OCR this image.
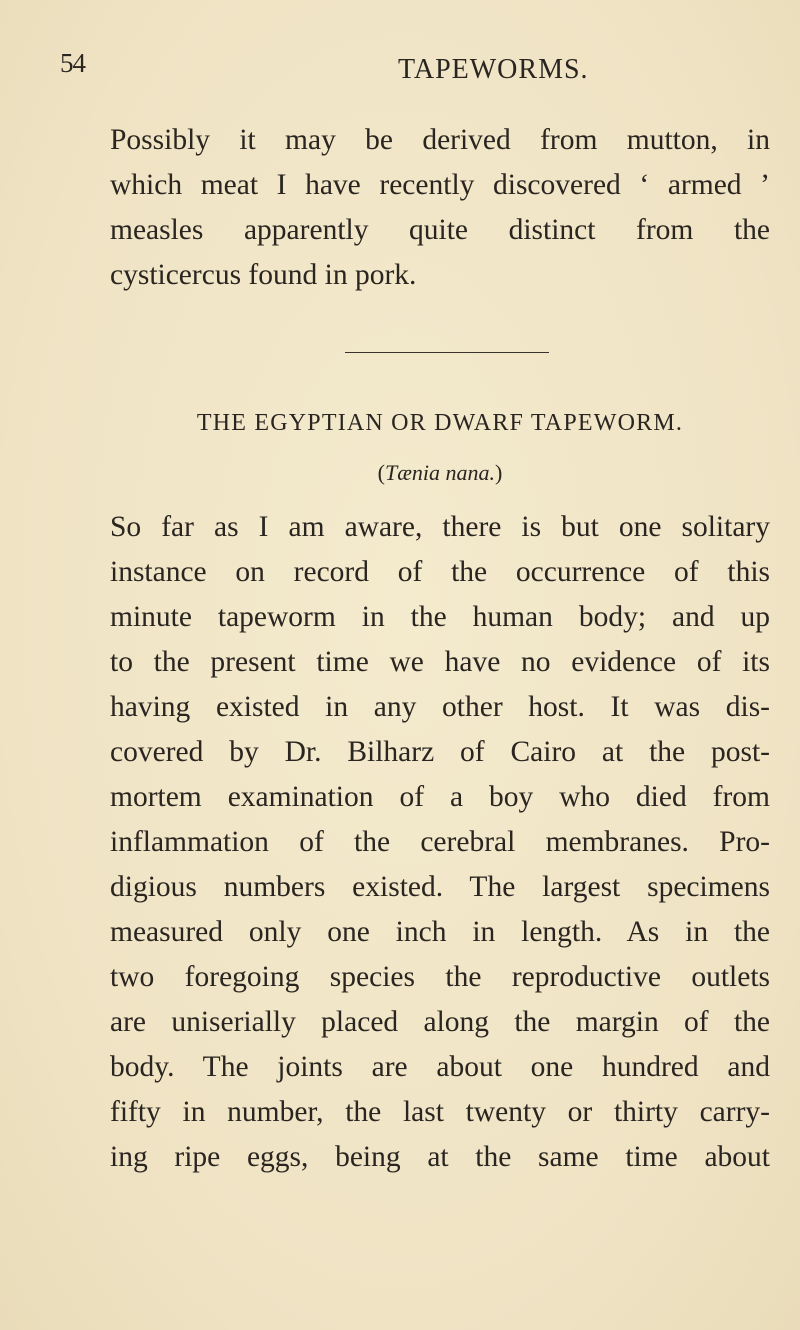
54	TAPEWORMS.
Possibly it may be derived from mutton, in
which meat I have recently discovered ‘ armed ’
measles apparently quite distinct from the
cysticercus found in pork.
THE EGYPTIAN OR DWARF TAPEWORM.
(Tænia nana.)
So far as I am aware, there is but one solitary
instance on record of the occurrence of this
minute tapeworm in the human body; and up
to the present time we have no evidence of its
having existed in any other host. It was dis-
covered by Dr. Bilharz of Cairo at the post-
mortem examination of a boy who died from
inflammation of the cerebral membranes. Pro-
digious numbers existed. The largest specimens
measured only one inch in length. As in the
two foregoing species the reproductive outlets
are uniserially placed along the margin of the
body. The joints are about one hundred and
fifty in number, the last twenty or thirty carry-
ing ripe eggs, being at the same time about
